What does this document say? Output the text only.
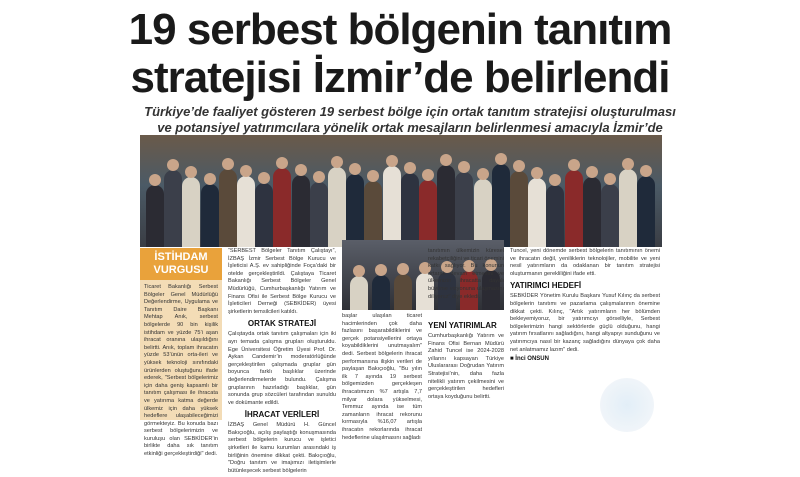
19 serbest bölgenin tanıtım
stratejisi İzmir’de belirlendi
Türkiye’de faaliyet gösteren 19 serbest bölge için ortak tanıtım stratejisi oluşturulması ve potansiyel yatırımcılara yönelik ortak mesajların belirlenmesi amacıyla İzmir’de
İSTİHDAM
VURGUSU
Ticaret Bakanlığı Serbest Bölgeler Genel Müdürlüğü Değerlendirme, Uygulama ve Tanıtım Daire Başkanı Mehtap Anık, serbest bölgelerde 90 bin kişilik istihdam ve yüzde 75’i aşan ihracat oranına ulaşıldığını belirtti. Anık, toplam ihracatın yüzde 53’ünün orta-ileri ve yüksek teknoloji sınıfındaki ürünlerden oluştuğunu ifade ederek, "Serbest bölgelerimiz için daha geniş kapsamlı bir tanıtım çalışması ile ihracata ve yatırıma katma değerde ülkemiz için daha yüksek hedeflere ulaşabileceğimizi görmekteyiz. Bu konuda bazı serbest bölgelerimizin ve kuruluşu olan SEBKİDER’in birlikte daha sık tanıtım etkinliği gerçekleştirdiği" dedi.

“SERBEST Bölgeler Tanıtım Çalıştayı”, İZBAŞ İzmir Serbest Bölge Kurucu ve İşleticisi A.Ş. ev sahipliğinde Foça’daki bir otelde gerçekleştirildi. Çalıştaya Ticaret Bakanlığı Serbest Bölgeler Genel Müdürlüğü, Cumhurbaşkanlığı Yatırım ve Finans Ofisi ile Serbest Bölge Kurucu ve İşleticileri Derneği (SEBKİDER) üyesi şirketlerin temsilcileri katıldı.

ORTAK STRATEJİ

Çalıştayda ortak tanıtım çalışmaları için iki ayrı temada çalışma grupları oluşturuldu. Ege Üniversitesi Öğretim Üyesi Prof. Dr. Aykan Candemir’in moderatörlüğünde gerçekleştirilen çalışmada gruplar gün boyunca farklı başlıklar üzerinde değerlendirmelerde bulundu. Çalışma gruplarının hazırladığı başlıklar, gün sonunda grup sözcüleri tarafından sunuldu ve dokümante edildi.

İHRACAT VERİLERİ

İZBAŞ Genel Müdürü H. Güncel Bakıçıoğlu, açılış paylaştığı konuşmasında serbest bölgelerin kurucu ve işletici şirketleri ile kamu kurumları arasındaki iş birliğinin önemine dikkat çekti. Bakıçıoğlu, "Doğru tanıtım ve imajımızı iletişimlerle bütünleşecek serbest bölgelerin

başlar ulaşılan ticaret hacimlerinden çok daha fazlasını başarabildiklerini ve gerçek potansiyellerini ortaya koyabildiklerini unutmayalım" dedi. Serbest bölgelerin ihracat performansına ilişkin verileri de paylaşan Bakıçıoğlu, "Bu yılın ilk 7 ayında 19 serbest bölgemizden gerçekleşen ihracatımızın %7 artışla 7,7 milyar dolara yükselmesi, Temmuz ayında ise tüm zamanların ihracat rekorunu kırmasıyla %16,07 artışla ihracatın rekorlarında ihracat hedeflerine ulaşılmasını sağladı

tanıtımın ülkemizin küresel rekabetçiliğini ve ticari önemini katkı sağlıyor. Bu konunun artarak devam etmesini ve ülkemizin ihracatta dayalı büyüme vizyonuna ulaşmasını diliyoruz" diye ekledi.

YENİ YATIRIMLAR

Cumhurbaşkanlığı Yatırım ve Finans Ofisi Bernan Müdürü Zahid Tuncel ise 2024-2028 yıllarını kapsayan Türkiye Uluslararası Doğrudan Yatırım Stratejisi’nin, daha fazla nitelikli yatırım çekilmesini ve gerçekleştirilen hedefleri ortaya koyduğunu belirtti.

Tuncel, yeni dönemde serbest bölgelerin tanıtımının önemi ve ihracatın değil, yeniliklerin teknolojiler, mobilite ve yeni nesil yatırımların da odaklanan bir tanıtım stratejisi oluşturmanın gerekliliğini ifade etti.

YATIRIMCI HEDEFİ

SEBKİDER Yönetim Kurulu Başkanı Yusuf Kılınç da serbest bölgelerin tanıtımı ve pazarlama çalışmalarının önemine dikkat çekti. Kılınç, "Artık yatırımların her bölümden bekleyemiyoruz, bir yatırımcıyı görselliyle, Serbest bölgelerimizin hangi sektörlerde güçlü olduğunu, hangi yatırım fırsatlarını sağladığını, hangi altyapıyı sunduğunu ve yatırımcıya nasıl bir kazanç sağladığını dünyaya çok daha net anlatmamız lazım" dedi.

■ İnci ONSUN
